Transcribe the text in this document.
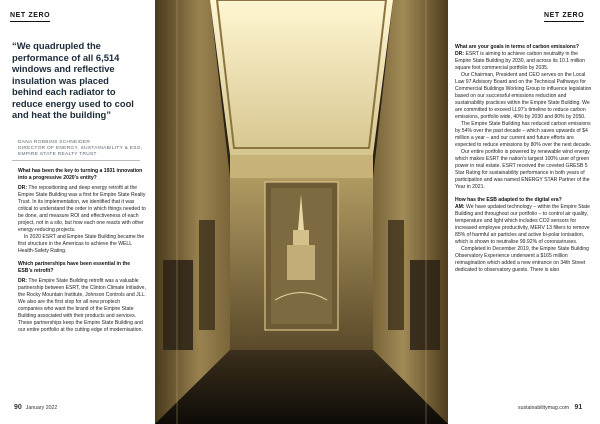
NET ZERO	NET ZERO
“We quadrupled the performance of all 6,514 windows and reflective insulation was placed behind each radiator to reduce energy used to cool and heat the building”
DANA ROBBINS SCHNEIDER
DIRECTOR OF ENERGY, SUSTAINABILITY & ESG,
EMPIRE STATE REALTY TRUST

What has been the key to turning a 1931 innovation into a progressive 2020’s entity?

DR: The repositioning and deep energy retrofit at the Empire State Building was a first for Empire State Realty Trust. In its implementation, we identified that it was critical to understand the order in which things needed to be done, and measure ROI and effectiveness of each project, not in a silo, but how each one reacts with other energy-reducing projects.

In 2020 ESRT and Empire State Building became the first structure in the Americas to achieve the WELL Health-Safety Rating.

Which partnerships have been essential in the ESB’s retrofit?

DR: The Empire State Building retrofit was a valuable partnership between ESRT, the Clinton Climate Initiative, the Rocky Mountain Institute, Johnson Controls and JLL. We also are the first stop for all new proptech companies who want the brand of the Empire State Building associated with their products and services. These partnerships keep the Empire State Building and our entire portfolio at the cutting edge of modernisation.

What are your goals in terms of carbon emissions?

DR: ESRT is aiming to achieve carbon neutrality in the Empire State Building by 2030, and across its 10.1 million square foot commercial portfolio by 2035.

Our Chairman, President and CEO serves on the Local Law 97 Advisory Board and on the Technical Pathways for Commercial Buildings Working Group to influence legislation based on our successful emissions reduction and sustainability practices within the Empire State Building. We are committed to exceed LL97’s timeline to reduce carbon emissions, portfolio wide, 40% by 2030 and 80% by 2050.

The Empire State Building has reduced carbon emissions by 54% over the past decade – which saves upwards of $4 million a year – and our current and future efforts are expected to reduce emissions by 80% over the next decade.

Our entire portfolio is powered by renewable wind energy which makes ESRT the nation’s largest 100% user of green power in real estate. ESRT received the coveted GRESB 5 Star Rating for sustainability performance in both years of participation and was named ENERGY STAR Partner of the Year in 2021.

How has the ESB adapted to the digital era?

AM: We have updated technology – within the Empire State Building and throughout our portfolio – to control air quality, temperature and light which includes CO2 sensors for increased employee productivity, MERV 13 filters to remove 85% of harmful air particles and active bi-polar ionisation, which is shown to neutralise 99.92% of coronaviruses.

Completed in December 2019, the Empire State Building Observatory Experience underwent a $165 million reimagination which added a new entrance on 34th Street dedicated to observatory guests. There is also

90 January 2022	sustainabilitymag.com 91
